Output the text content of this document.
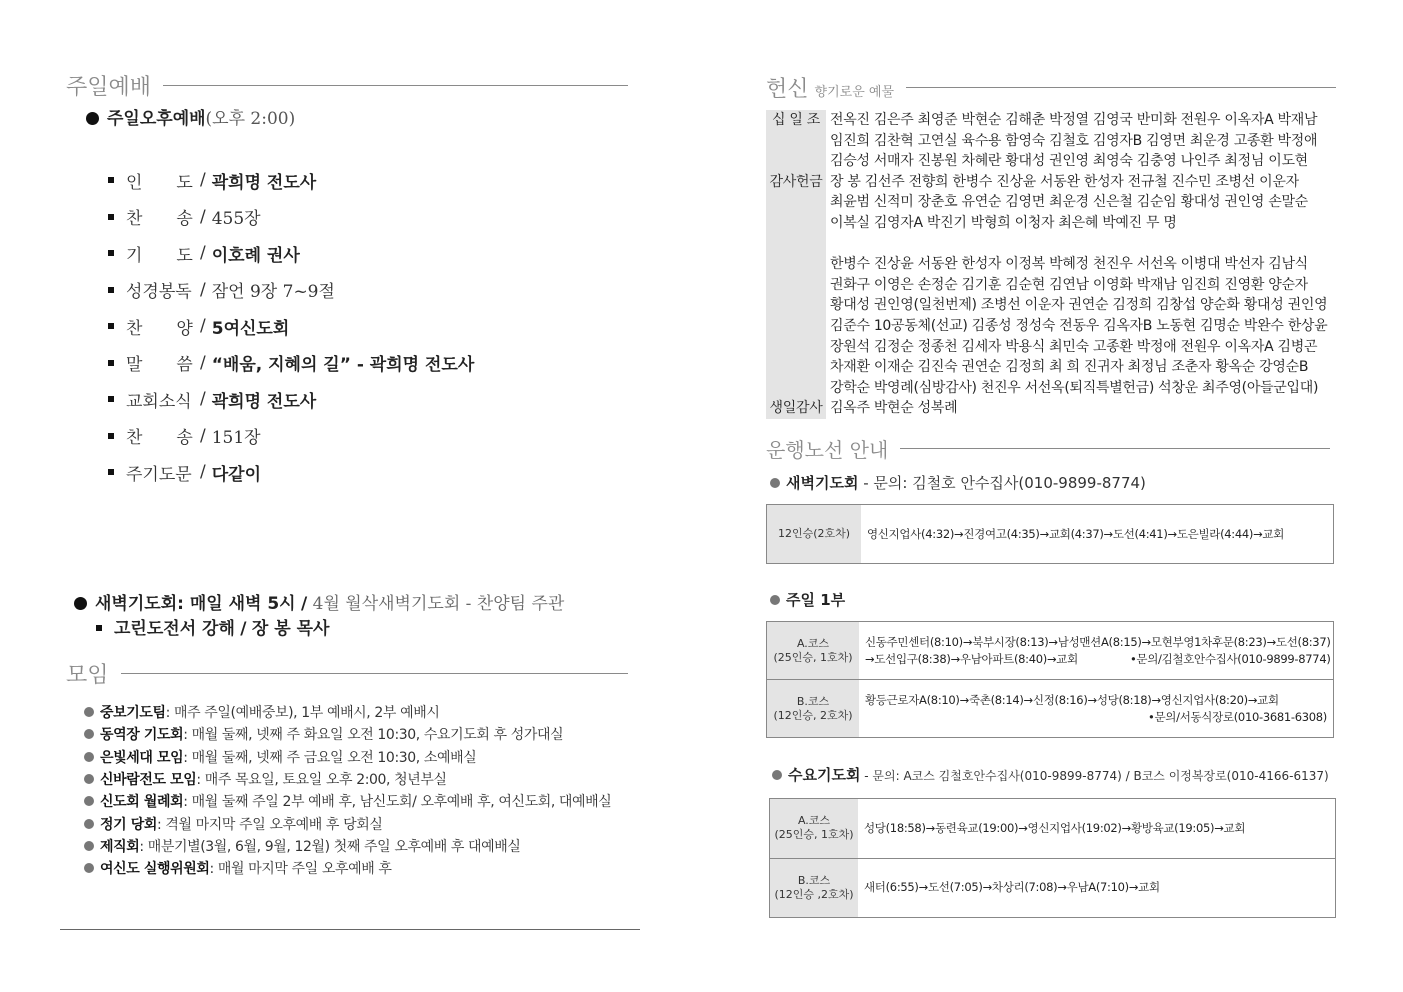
주일예배
주일오후예배(오후 2:00)
인　　도 / 곽희명 전도사
찬　　송 / 455장
기　　도 / 이호례 권사
성경봉독 / 잠언 9장 7~9절
찬　　양 / 5여신도회
말　　씀 / “배움, 지혜의 길” - 곽희명 전도사
교회소식 / 곽희명 전도사
찬　　송 / 151장
주기도문 / 다같이
새벽기도회: 매일 새벽 5시 / 4월 월삭새벽기도회 - 찬양팀 주관
고린도전서 강해 / 장 봉 목사
모임
중보기도팀 : 매주 주일(예배중보), 1부 예배시, 2부 예배시
동역장 기도회 : 매월 둘째, 넷째 주 화요일 오전 10:30, 수요기도회 후 성가대실
은빛세대 모임 : 매월 둘째, 넷째 주 금요일 오전 10:30, 소예배실
신바람전도 모임 : 매주 목요일, 토요일 오후 2:00, 청년부실
신도회 월례회 : 매월 둘째 주일 2부 예배 후, 남신도회/ 오후예배 후, 여신도회, 대예배실
정기 당회 : 격월 마지막 주일 오후예배 후 당회실
제직회 : 매분기별(3월, 6월, 9월, 12월) 첫째 주일 오후예배 후 대예배실
여신도 실행위원회 : 매월 마지막 주일 오후예배 후
헌신 향기로운 예물
십 일 조 전옥진 김은주 최영준 박현순 김해춘 박정열 김영국 반미화 전원우 이옥자A 박재남
임진희 김찬혁 고연실 육수용 함영숙 김철호 김영자B 김영면 최운경 고종환 박정애
김승성 서매자 진봉원 차혜란 황대성 권인영 최영숙 김충영 나인주 최정님 이도현
감사헌금 장 봉 김선주 전향희 한병수 진상윤 서동완 한성자 전규철 진수민 조병선 이운자
최윤범 신적미 장춘호 유연순 김영면 최운경 신은철 김순임 황대성 권인영 손말순
이복실 김영자A 박진기 박형희 이청자 최은혜 박예진 무 명
한병수 진상윤 서동완 한성자 이정복 박혜정 천진우 서선옥 이병대 박선자 김남식
권화구 이영은 손정순 김기훈 김순현 김연남 이영화 박재남 임진희 진영환 양순자
황대성 권인영(일천번제) 조병선 이운자 권연순 김정희 김창섭 양순화 황대성 권인영
김준수 10공동체(선교) 김종성 정성숙 전동우 김옥자B 노동현 김명순 박완수 한상윤
장원석 김정순 정종천 김세자 박용식 최민숙 고종환 박정애 전원우 이옥자A 김병곤
차재환 이재순 김진숙 권연순 김정희 최 희 진귀자 최정님 조춘자 황옥순 강영순B
강학순 박영례(심방감사) 천진우 서선옥(퇴직특별헌금) 석창운 최주영(아들군입대)
생일감사 김옥주 박현순 성복례
운행노선 안내
새벽기도회 - 문의: 김철호 안수집사(010-9899-8774)
12인승(2호차) 영신지업사(4:32)→진경여고(4:35)→교회(4:37)→도선(4:41)→도은빌라(4:44)→교회
주일 1부
A.코스
(25인승, 1호차)
신동주민센터(8:10)→북부시장(8:13)→남성맨션A(8:15)→모현부영1차후문(8:23)→도선(8:37)
→도선입구(8:38)→우남아파트(8:40)→교회	•문의/김철호안수집사(010-9899-8774)
B.코스
(12인승, 2호차)
황등근로자A(8:10)→죽촌(8:14)→신정(8:16)→성당(8:18)→영신지업사(8:20)→교회
•문의/서동식장로(010-3681-6308)
수요기도회 - 문의: A코스 김철호안수집사(010-9899-8774) / B코스 이정복장로(010-4166-6137)
A.코스
(25인승, 1호차) 성당(18:58)→동련육교(19:00)→영신지업사(19:02)→황방육교(19:05)→교회
B.코스
(12인승 ,2호차) 새터(6:55)→도선(7:05)→차상리(7:08)→우남A(7:10)→교회
